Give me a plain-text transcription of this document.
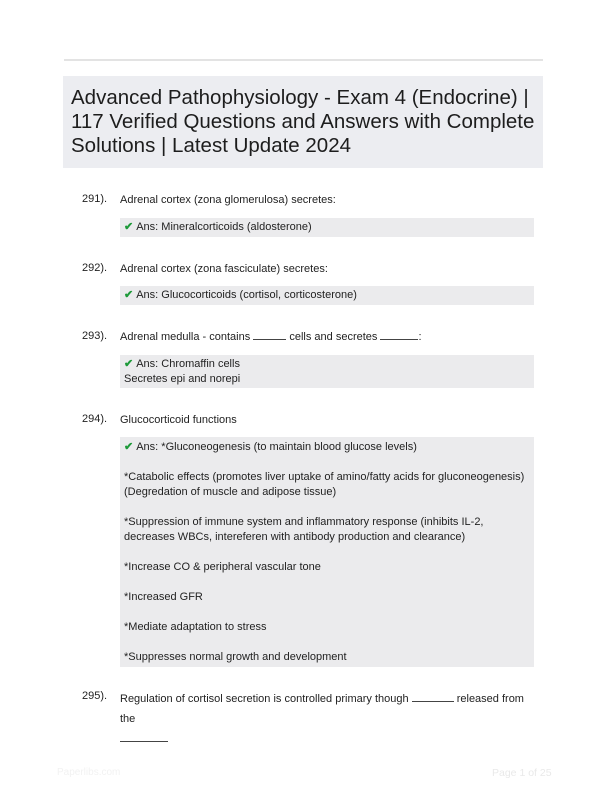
Advanced Pathophysiology - Exam 4 (Endocrine) | 117 Verified Questions and Answers with Complete Solutions | Latest Update 2024
291). Adrenal cortex (zona glomerulosa) secretes:

✔ Ans: Mineralcorticoids (aldosterone)

292). Adrenal cortex (zona fasciculate) secretes:

✔ Ans: Glucocorticoids (cortisol, corticosterone)

293). Adrenal medulla - contains	cells and secretes	:
✔ Ans: Chromaffin cells
Secretes epi and norepi
294). Glucocorticoid functions

✔ Ans: *Gluconeogenesis (to maintain blood glucose levels)

*Catabolic effects (promotes liver uptake of amino/fatty acids for gluconeogenesis) (Degredation of muscle and adipose tissue)

*Suppression of immune system and inflammatory response (inhibits IL-2, decreases WBCs, intereferen with antibody production and clearance)

*Increase CO & peripheral vascular tone

*Increased GFR

*Mediate adaptation to stress

*Suppresses normal growth and development

295). Regulation of cortisol secretion is controlled primary though	released from the

Paperlibs.com	Page 1 of 25
